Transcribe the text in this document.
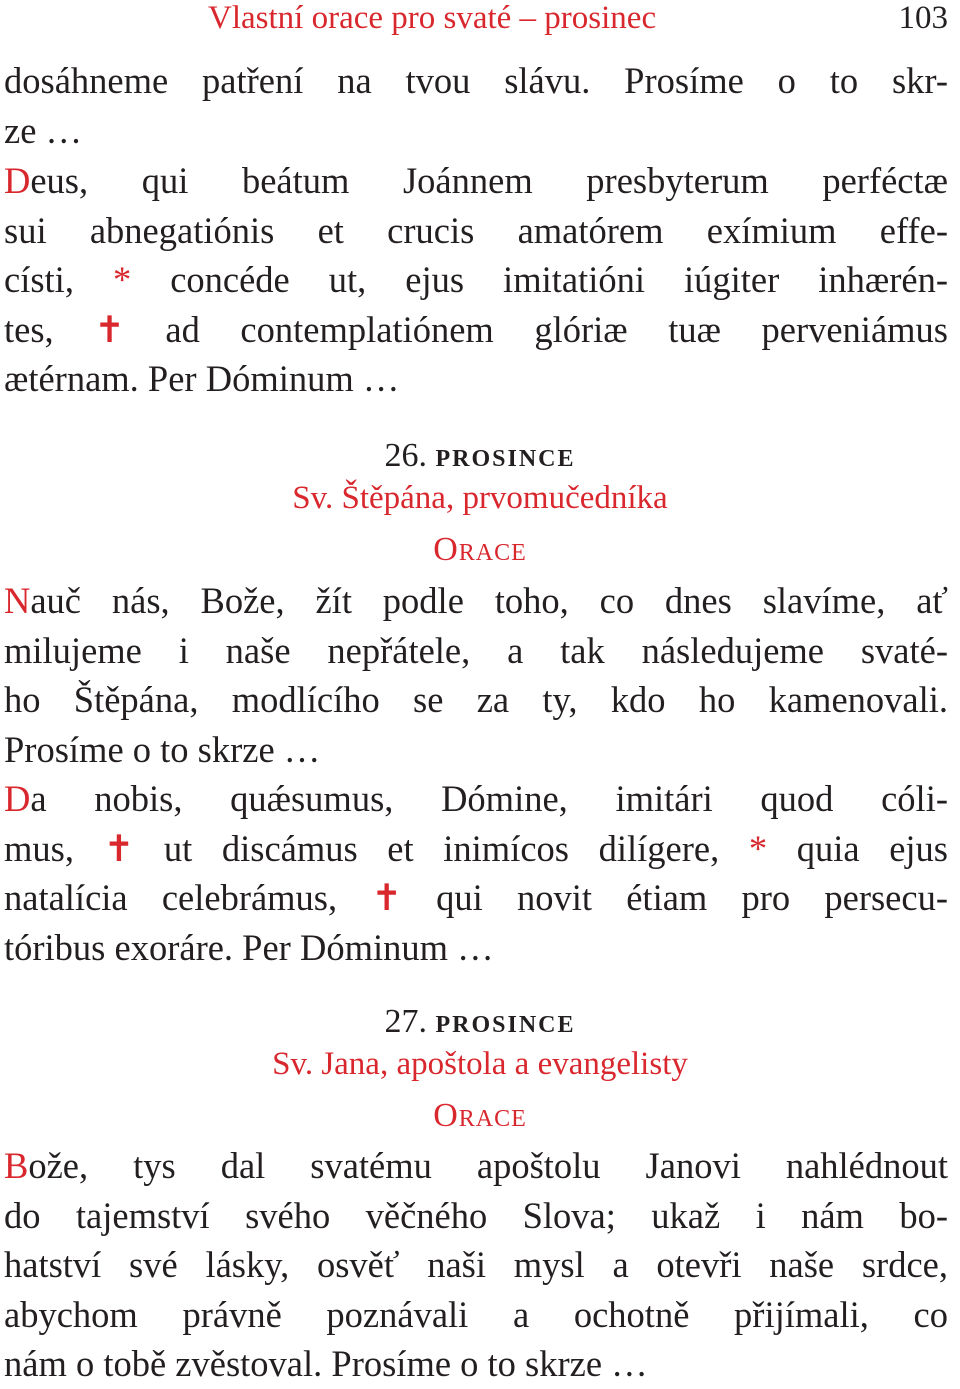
Vlastní orace pro svaté – prosinec	103
dosáhneme patření na tvou slávu. Prosíme o to skr-
ze …
Deus, qui beátum Joánnem presbyterum perféctæ
sui abnegatiónis et crucis amatórem exímium effe-
císti, * concéde ut, ejus imitatióni iúgiter inhærén-
tes, ✝ ad contemplatiónem glóriæ tuæ perveniámus
ætérnam. Per Dóminum …
26. prosince
Sv. Štěpána, prvomučedníka
Orace
Nauč nás, Bože, žít podle toho, co dnes slavíme, ať
milujeme i naše nepřátele, a tak následujeme svaté-
ho Štěpána, modlícího se za ty, kdo ho kamenovali.
Prosíme o to skrze …
Da nobis, quǽsumus, Dómine, imitári quod cóli-
mus, ✝ ut discámus et inimícos dilígere, * quia ejus
natalícia celebrámus, ✝ qui novit étiam pro persecu-
tóribus exoráre. Per Dóminum …
27. prosince
Sv. Jana, apoštola a evangelisty
Orace
Bože, tys dal svatému apoštolu Janovi nahlédnout
do tajemství svého věčného Slova; ukaž i nám bo-
hatství své lásky, osvěť naši mysl a otevři naše srdce,
abychom právně poznávali a ochotně přijímali, co
nám o tobě zvěstoval. Prosíme o to skrze …
